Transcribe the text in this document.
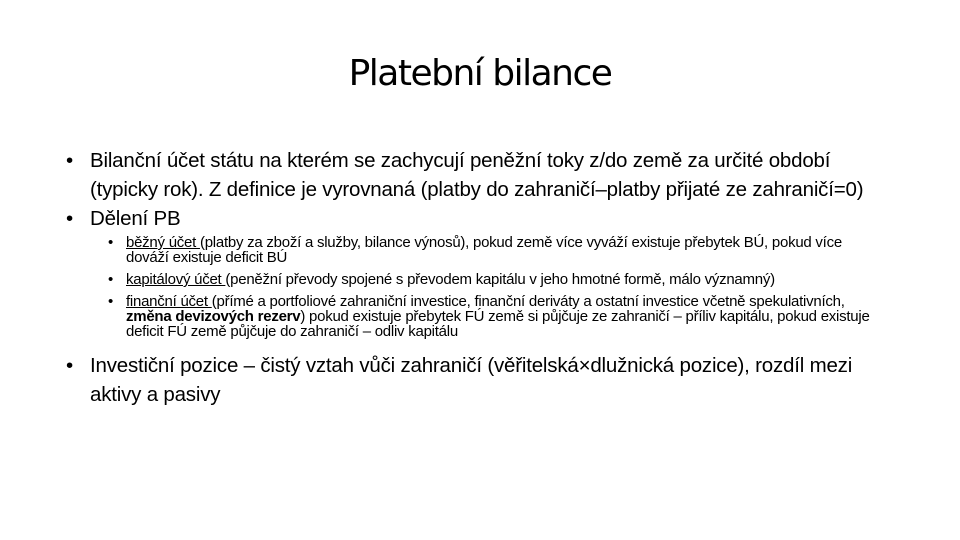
Platební bilance
• Bilanční účet státu na kterém se zachycují peněžní toky z/do země za určité období (typicky rok). Z definice je vyrovnaná (platby do zahraničí–platby přijaté ze zahraničí=0)
• Dělení PB
• běžný účet (platby za zboží a služby, bilance výnosů), pokud země více vyváží existuje přebytek BÚ, pokud více dováží existuje deficit BÚ
• kapitálový účet (peněžní převody spojené s převodem kapitálu v jeho hmotné formě, málo významný)
• finanční účet (přímé a portfoliové zahraniční investice, finanční deriváty a ostatní investice včetně spekulativních, změna devizových rezerv) pokud existuje přebytek FÚ země si půjčuje ze zahraničí – příliv kapitálu, pokud existuje deficit FÚ země půjčuje do zahraničí – odliv kapitálu
• Investiční pozice – čistý vztah vůči zahraničí (věřitelská×dlužnická pozice), rozdíl mezi aktivy a pasivy
